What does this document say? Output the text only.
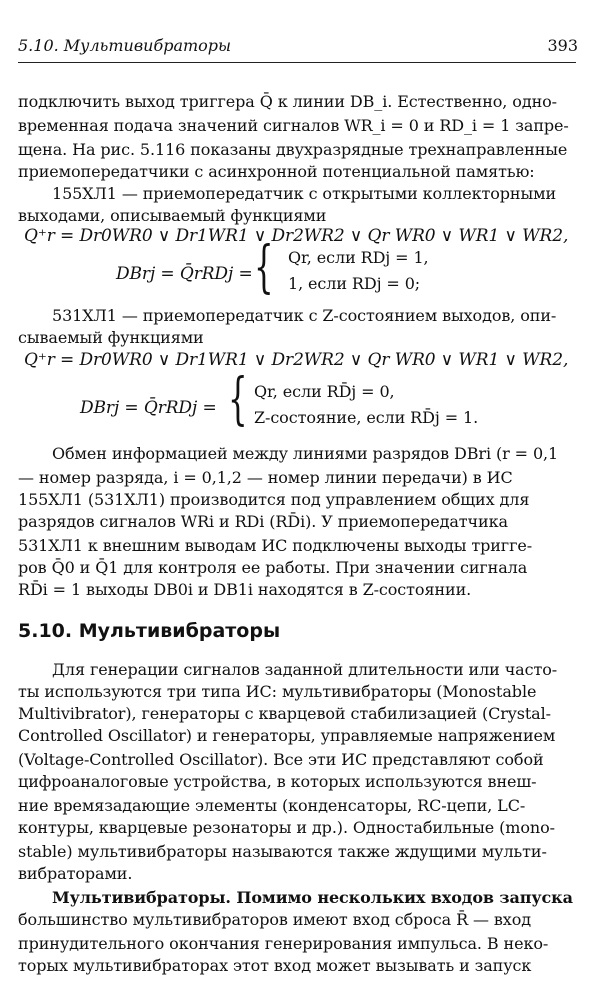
5.10. Мультивибраторы	393
подключить выход триггера Q̄ к линии DB_i. Естественно, одно-
временная подача значений сигналов WR_i = 0 и RD_i = 1 запре-
щена. На рис. 5.116 показаны двухразрядные трехнаправленные
приемопередатчики с асинхронной потенциальной памятью:
155ХЛ1 — приемопередатчик с открытыми коллекторными
выходами, описываемый функциями
Q⁺r = Dr0WR0 ∨ Dr1WR1 ∨ Dr2WR2 ∨ Qr WR0 ∨ WR1 ∨ WR2,
DBrj = Q̄rRDj = { Qr, если RDj = 1,
1, если RDj = 0;
531ХЛ1 — приемопередатчик с Z-состоянием выходов, опи-
сываемый функциями
Q⁺r = Dr0WR0 ∨ Dr1WR1 ∨ Dr2WR2 ∨ Qr WR0 ∨ WR1 ∨ WR2,
DBrj = Q̄rRDj = { Qr, если RD̄j = 0,
Z-состояние, если RD̄j = 1.
Обмен информацией между линиями разрядов DBri (r = 0,1
— номер разряда, i = 0,1,2 — номер линии передачи) в ИС
155ХЛ1 (531ХЛ1) производится под управлением общих для
разрядов сигналов WRi и RDi (RD̄i). У приемопередатчика
531ХЛ1 к внешним выводам ИС подключены выходы тригге-
ров Q̄0 и Q̄1 для контроля ее работы. При значении сигнала
RD̄i = 1 выходы DB0i и DB1i находятся в Z-состоянии.
5.10. Мультивибраторы
Для генерации сигналов заданной длительности или часто-
ты используются три типа ИС: мультивибраторы (Monostable
Multivibrator), генераторы с кварцевой стабилизацией (Crystal-
Controlled Oscillator) и генераторы, управляемые напряжением
(Voltage-Controlled Oscillator). Все эти ИС представляют собой
цифроаналоговые устройства, в которых используются внеш-
ние времязадающие элементы (конденсаторы, RC-цепи, LC-
контуры, кварцевые резонаторы и др.). Одностабильные (mono-
stable) мультивибраторы называются также ждущими мульти-
вибраторами.
Мультивибраторы. Помимо нескольких входов запуска
большинство мультивибраторов имеют вход сброса R̄ — вход
принудительного окончания генерирования импульса. В неко-
торых мультивибраторах этот вход может вызывать и запуск
